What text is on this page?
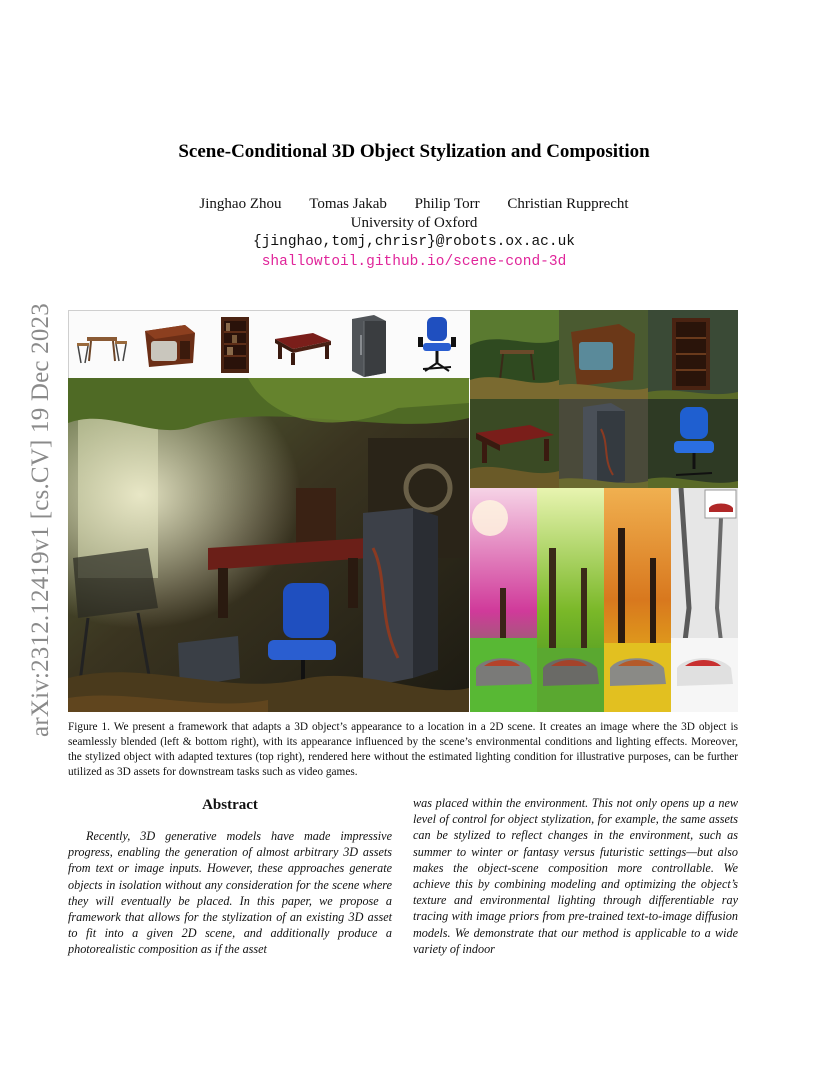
arXiv:2312.12419v1 [cs.CV] 19 Dec 2023
Scene-Conditional 3D Object Stylization and Composition
Jinghao Zhou Tomas Jakab Philip Torr Christian Rupprecht
University of Oxford
{jinghao,tomj,chrisr}@robots.ox.ac.uk
shallowtoil.github.io/scene-cond-3d
Figure 1. We present a framework that adapts a 3D object’s appearance to a location in a 2D scene. It creates an image where the 3D object is seamlessly blended (left & bottom right), with its appearance influenced by the scene’s environmental conditions and lighting effects. Moreover, the stylized object with adapted textures (top right), rendered here without the estimated lighting condition for illustrative purposes, can be further utilized as 3D assets for downstream tasks such as video games.
Abstract
Recently, 3D generative models have made impressive progress, enabling the generation of almost arbitrary 3D assets from text or image inputs. However, these approaches generate objects in isolation without any consideration for the scene where they will eventually be placed. In this paper, we propose a framework that allows for the stylization of an existing 3D asset to fit into a given 2D scene, and additionally produce a photorealistic composition as if the asset
was placed within the environment. This not only opens up a new level of control for object stylization, for example, the same assets can be stylized to reflect changes in the environment, such as summer to winter or fantasy versus futuristic settings—but also makes the object-scene composition more controllable. We achieve this by combining modeling and optimizing the object’s texture and environmental lighting through differentiable ray tracing with image priors from pre-trained text-to-image diffusion models. We demonstrate that our method is applicable to a wide variety of indoor
